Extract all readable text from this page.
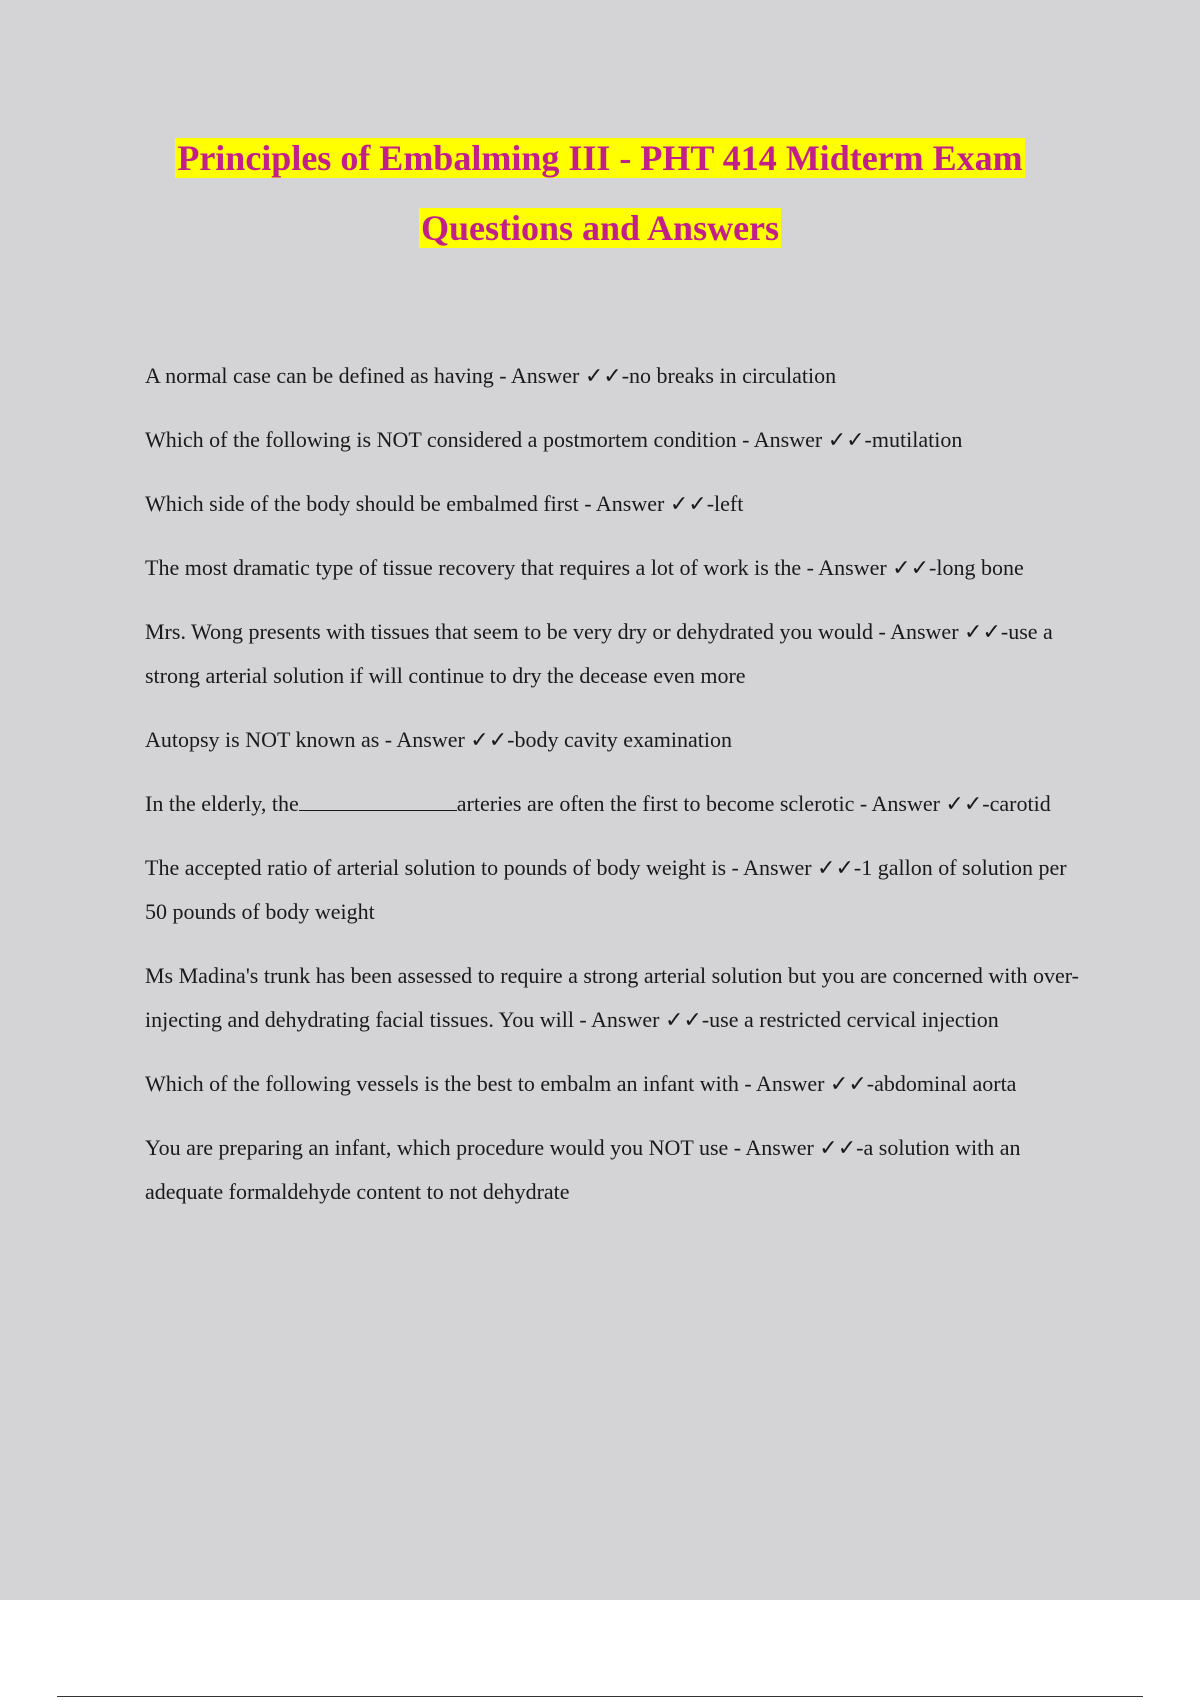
Principles of Embalming III - PHT 414 Midterm Exam
Questions and Answers

A normal case can be defined as having - Answer ✓✓-no breaks in circulation

Which of the following is NOT considered a postmortem condition - Answer ✓✓-mutilation

Which side of the body should be embalmed first - Answer ✓✓-left

The most dramatic type of tissue recovery that requires a lot of work is the - Answer ✓✓-long bone

Mrs. Wong presents with tissues that seem to be very dry or dehydrated you would - Answer ✓✓-use a strong arterial solution if will continue to dry the decease even more

Autopsy is NOT known as - Answer ✓✓-body cavity examination

In the elderly, the	arteries are often the first to become sclerotic - Answer ✓✓-carotid

The accepted ratio of arterial solution to pounds of body weight is - Answer ✓✓-1 gallon of solution per 50 pounds of body weight

Ms Madina's trunk has been assessed to require a strong arterial solution but you are concerned with over-injecting and dehydrating facial tissues. You will - Answer ✓✓-use a restricted cervical injection

Which of the following vessels is the best to embalm an infant with - Answer ✓✓-abdominal aorta

You are preparing an infant, which procedure would you NOT use - Answer ✓✓-a solution with an adequate formaldehyde content to not dehydrate
